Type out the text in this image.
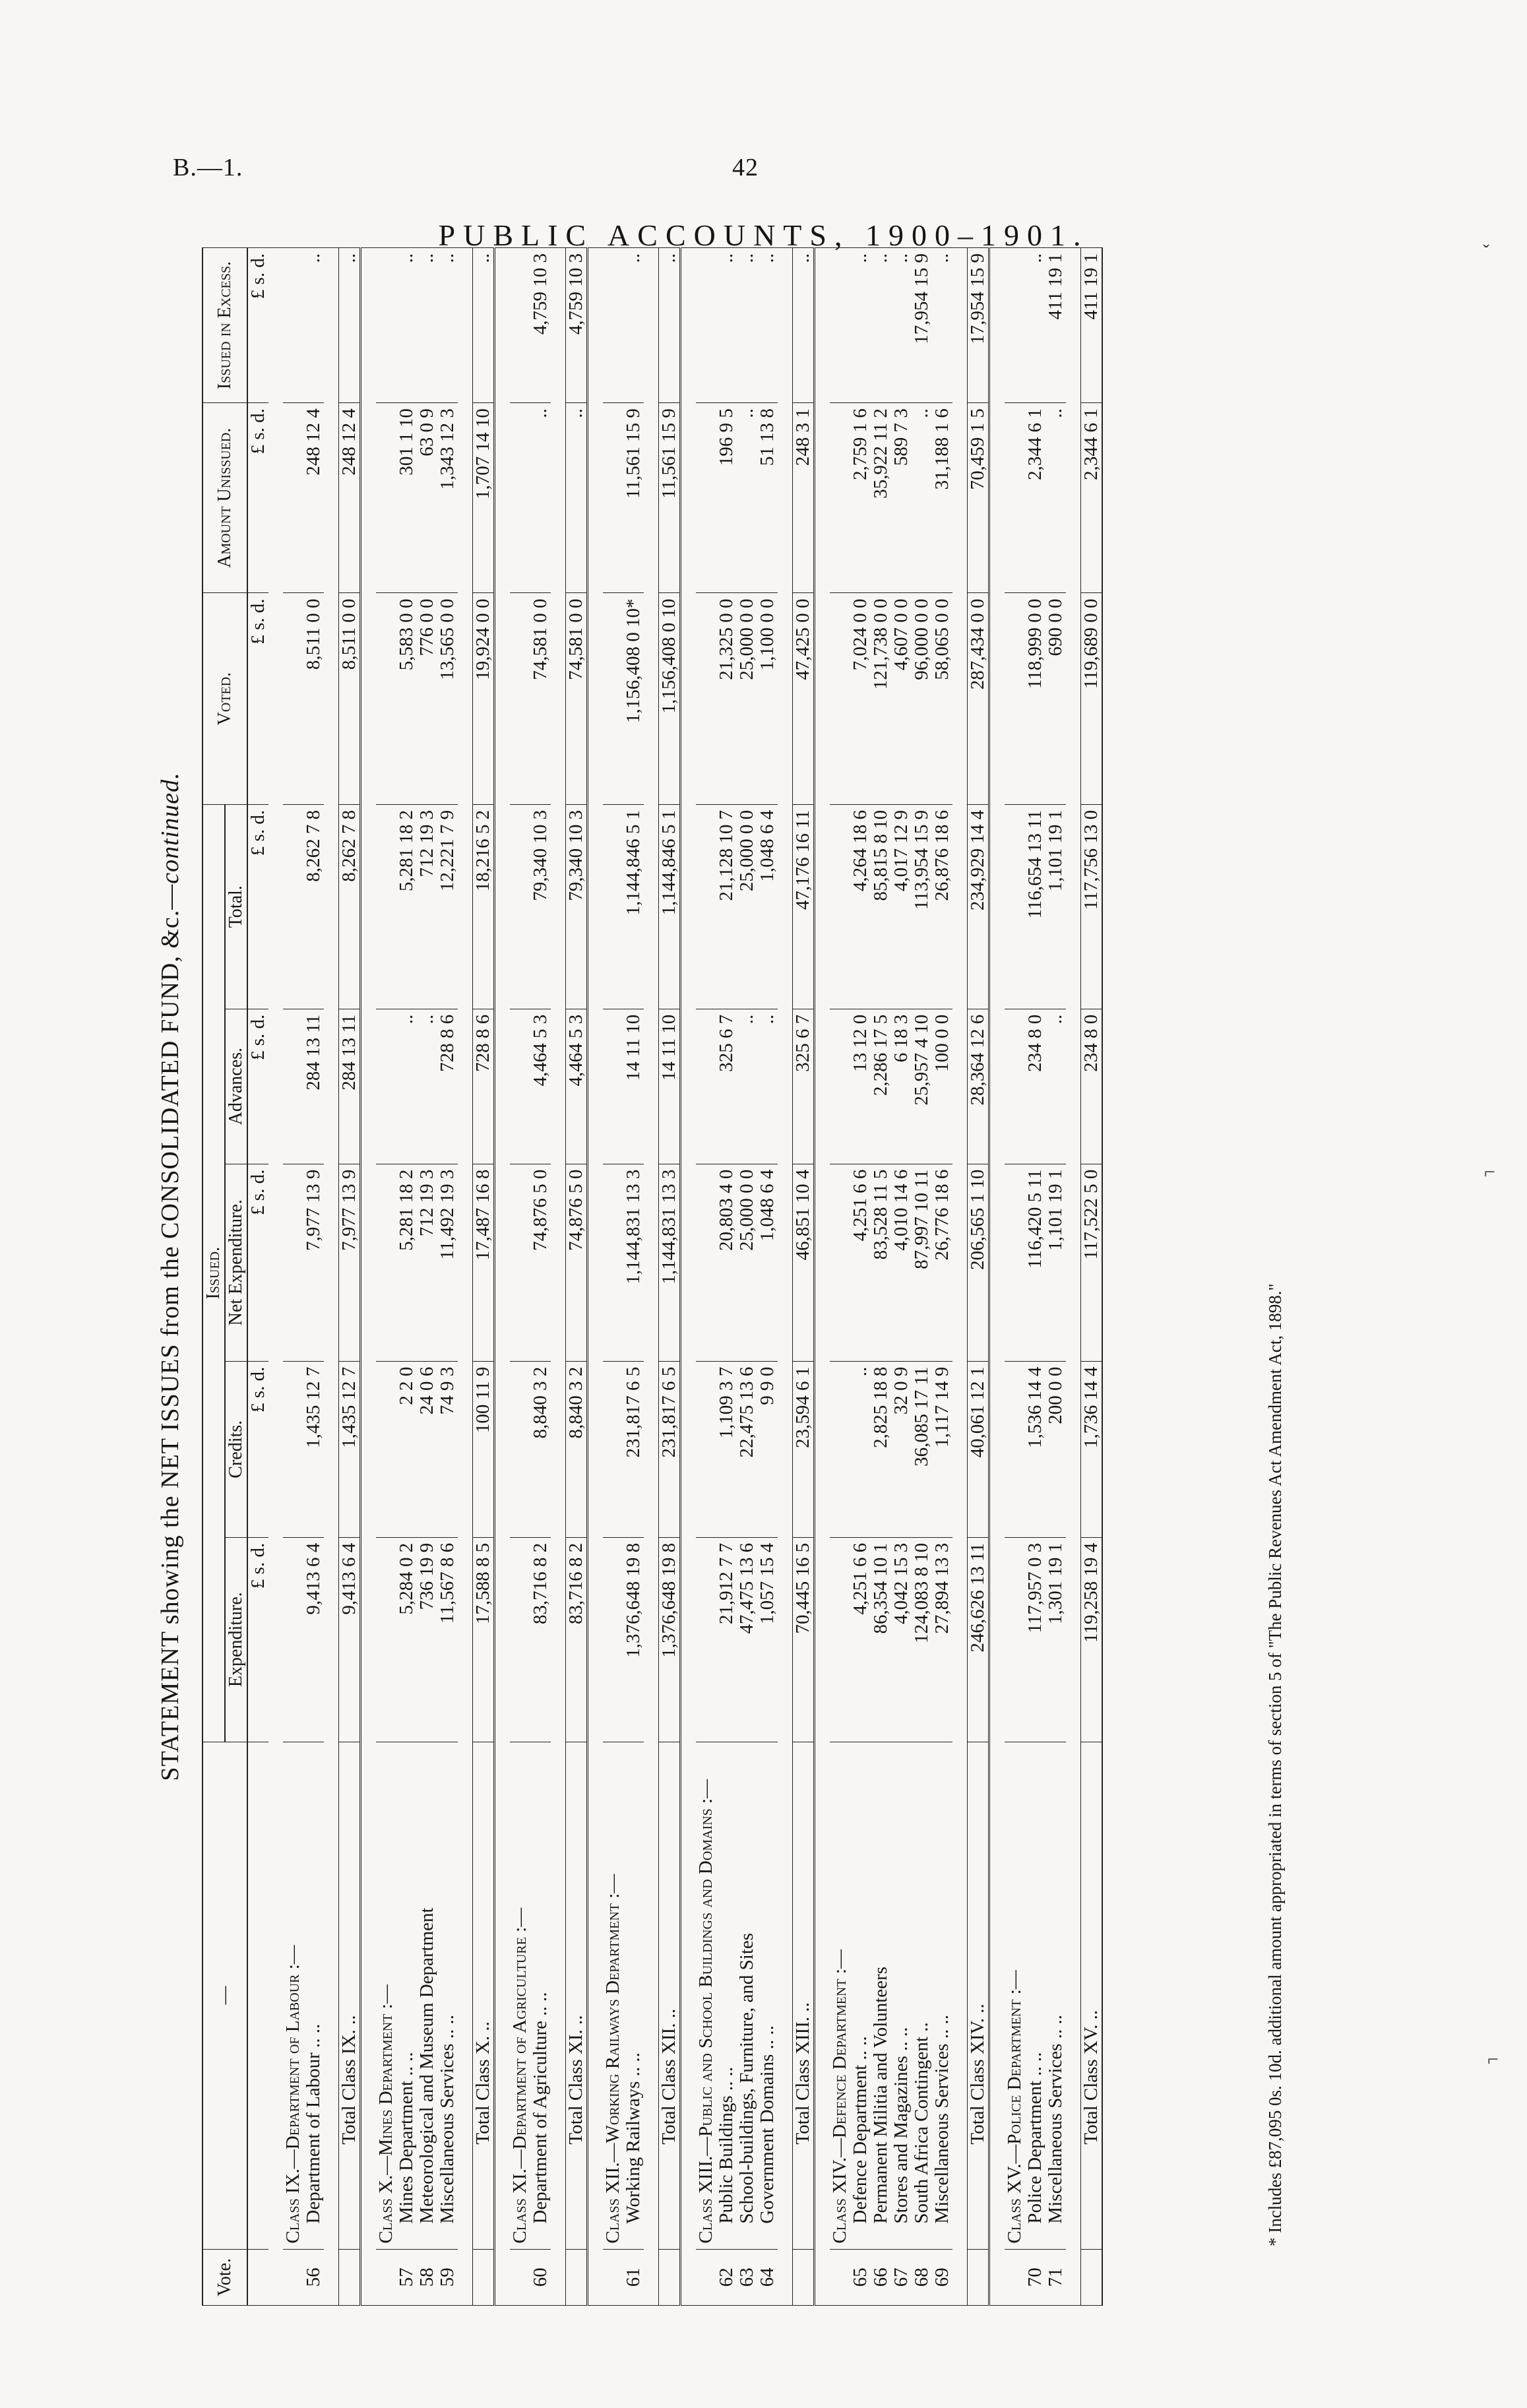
B.—1.	42
PUBLIC ACCOUNTS, 1900–1901.	ˇ
⌐
⌐
STATEMENT showing the NET ISSUES from the CONSOLIDATED FUND, &c.—continued.
Vote.	—	Issued.					Voted.	Amount Unissued.	Issued in Excess.
		Expenditure.	Credits.	Net Expenditure.	Advances.	Total.			
		£ s. d.	£ s. d.	£ s. d.	£ s. d.	£ s. d.	£ s. d.	£ s. d.	£ s. d.

	Class IX.—Department of Labour :—								
56	Department of Labour .. ..	9,413 6 4	1,435 12 7	7,977 13 9	284 13 11	8,262 7 8	8,511 0 0	248 12 4	..

	Total Class IX. ..	9,413 6 4	1,435 12 7	7,977 13 9	284 13 11	8,262 7 8	8,511 0 0	248 12 4	..

	Class X.—Mines Department :—								
57	Mines Department .. ..	5,284 0 2	2 2 0	5,281 18 2	..	5,281 18 2	5,583 0 0	301 1 10	..
58	Meteorological and Museum Department	736 19 9	24 0 6	712 19 3	..	712 19 3	776 0 0	63 0 9	..
59	Miscellaneous Services .. ..	11,567 8 6	74 9 3	11,492 19 3	728 8 6	12,221 7 9	13,565 0 0	1,343 12 3	..

	Total Class X. ..	17,588 8 5	100 11 9	17,487 16 8	728 8 6	18,216 5 2	19,924 0 0	1,707 14 10	..

	Class XI.—Department of Agriculture :—								
60	Department of Agriculture .. ..	83,716 8 2	8,840 3 2	74,876 5 0	4,464 5 3	79,340 10 3	74,581 0 0	..	4,759 10 3

	Total Class XI. ..	83,716 8 2	8,840 3 2	74,876 5 0	4,464 5 3	79,340 10 3	74,581 0 0	..	4,759 10 3

	Class XII.—Working Railways Department :—								
61	Working Railways .. ..	1,376,648 19 8	231,817 6 5	1,144,831 13 3	14 11 10	1,144,846 5 1	1,156,408 0 10*	11,561 15 9	..

	Total Class XII. ..	1,376,648 19 8	231,817 6 5	1,144,831 13 3	14 11 10	1,144,846 5 1	1,156,408 0 10	11,561 15 9	..

	Class XIII.—Public and School Buildings and Domains :—								
62	Public Buildings .. ..	21,912 7 7	1,109 3 7	20,803 4 0	325 6 7	21,128 10 7	21,325 0 0	196 9 5	..
63	School-buildings, Furniture, and Sites	47,475 13 6	22,475 13 6	25,000 0 0	..	25,000 0 0	25,000 0 0	..	..
64	Government Domains .. ..	1,057 15 4	9 9 0	1,048 6 4	..	1,048 6 4	1,100 0 0	51 13 8	..

	Total Class XIII. ..	70,445 16 5	23,594 6 1	46,851 10 4	325 6 7	47,176 16 11	47,425 0 0	248 3 1	..

	Class XIV.—Defence Department :—								
65	Defence Department .. ..	4,251 6 6	..	4,251 6 6	13 12 0	4,264 18 6	7,024 0 0	2,759 1 6	..
66	Permanent Militia and Volunteers	86,354 10 1	2,825 18 8	83,528 11 5	2,286 17 5	85,815 8 10	121,738 0 0	35,922 11 2	..
67	Stores and Magazines .. ..	4,042 15 3	32 0 9	4,010 14 6	6 18 3	4,017 12 9	4,607 0 0	589 7 3	..
68	South Africa Contingent ..	124,083 8 10	36,085 17 11	87,997 10 11	25,957 4 10	113,954 15 9	96,000 0 0	..	17,954 15 9
69	Miscellaneous Services .. ..	27,894 13 3	1,117 14 9	26,776 18 6	100 0 0	26,876 18 6	58,065 0 0	31,188 1 6	..

	Total Class XIV. ..	246,626 13 11	40,061 12 1	206,565 1 10	28,364 12 6	234,929 14 4	287,434 0 0	70,459 1 5	17,954 15 9

	Class XV.—Police Department :—								
70	Police Department .. ..	117,957 0 3	1,536 14 4	116,420 5 11	234 8 0	116,654 13 11	118,999 0 0	2,344 6 1	..
71	Miscellaneous Services .. ..	1,301 19 1	200 0 0	1,101 19 1	..	1,101 19 1	690 0 0	..	411 19 1

	Total Class XV. ..	119,258 19 4	1,736 14 4	117,522 5 0	234 8 0	117,756 13 0	119,689 0 0	2,344 6 1	411 19 1
* Includes £87,095 0s. 10d. additional amount appropriated in terms of section 5 of "The Public Revenues Act Amendment Act, 1898."
